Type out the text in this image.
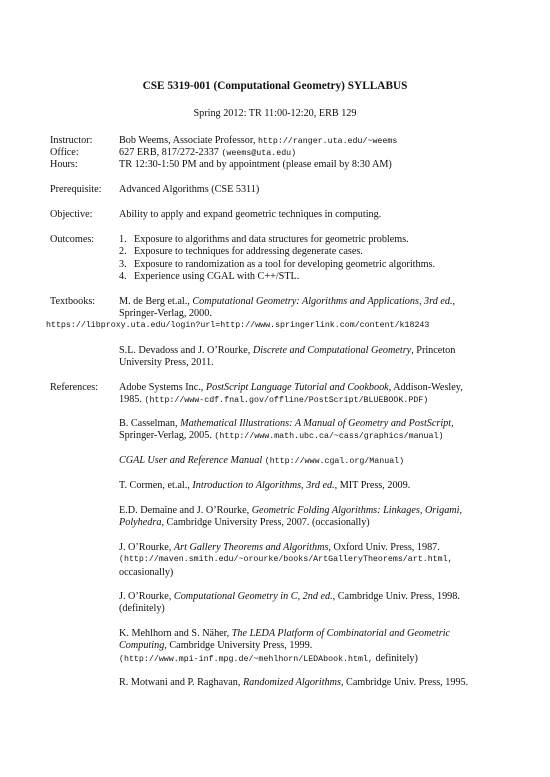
CSE 5319-001 (Computational Geometry) SYLLABUS
Spring 2012: TR 11:00-12:20, ERB 129
Instructor:	Bob Weems, Associate Professor, http://ranger.uta.edu/~weems
Office:	627 ERB, 817/272-2337 (weems@uta.edu)
Hours:	TR 12:30-1:50 PM and by appointment (please email by 8:30 AM)
Prerequisite: Advanced Algorithms (CSE 5311)
Objective:	Ability to apply and expand geometric techniques in computing.
Outcomes: 1. Exposure to algorithms and data structures for geometric problems.
2. Exposure to techniques for addressing degenerate cases.
3. Exposure to randomization as a tool for developing geometric algorithms.
4. Experience using CGAL with C++/STL.
Textbooks: M. de Berg et.al., Computational Geometry: Algorithms and Applications, 3rd ed.,
Springer-Verlag, 2000.
https://libproxy.uta.edu/login?url=http://www.springerlink.com/content/k18243
S.L. Devadoss and J. O’Rourke, Discrete and Computational Geometry, Princeton
University Press, 2011.
References: Adobe Systems Inc., PostScript Language Tutorial and Cookbook, Addison-Wesley,
1985. (http://www-cdf.fnal.gov/offline/PostScript/BLUEBOOK.PDF)
B. Casselman, Mathematical Illustrations: A Manual of Geometry and PostScript,
Springer-Verlag, 2005. (http://www.math.ubc.ca/~cass/graphics/manual)
CGAL User and Reference Manual (http://www.cgal.org/Manual)
T. Cormen, et.al., Introduction to Algorithms, 3rd ed., MIT Press, 2009.
E.D. Demaine and J. O’Rourke, Geometric Folding Algorithms: Linkages, Origami,
Polyhedra, Cambridge University Press, 2007. (occasionally)
J. O’Rourke, Art Gallery Theorems and Algorithms, Oxford Univ. Press, 1987.
(http://maven.smith.edu/~orourke/books/ArtGalleryTheorems/art.html,
occasionally)
J. O’Rourke, Computational Geometry in C, 2nd ed., Cambridge Univ. Press, 1998.
(definitely)
K. Mehlhorn and S. Näher, The LEDA Platform of Combinatorial and Geometric
Computing, Cambridge University Press, 1999.
(http://www.mpi-inf.mpg.de/~mehlhorn/LEDAbook.html, definitely)
R. Motwani and P. Raghavan, Randomized Algorithms, Cambridge Univ. Press, 1995.
